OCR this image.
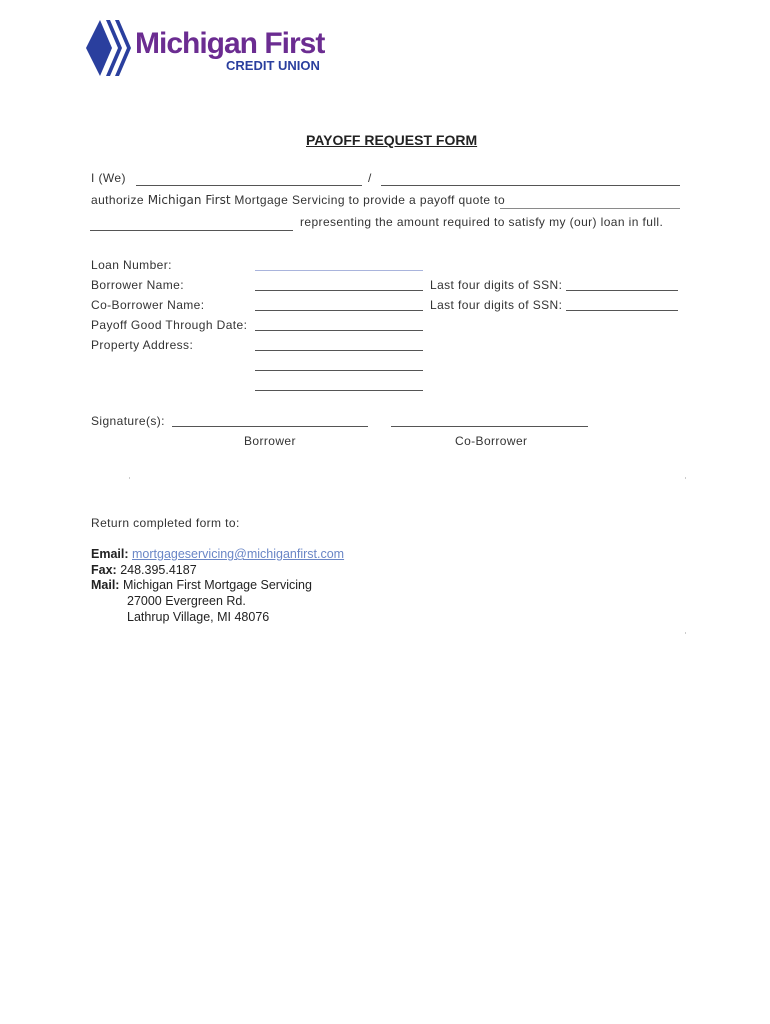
Michigan First
CREDIT UNION
PAYOFF REQUEST FORM
I (We)	/
authorize Michigan First Mortgage Servicing to provide a payoff quote to
representing the amount required to satisfy my (our) loan in full.
Loan Number:
Borrower Name:	Last four digits of SSN:
Co-Borrower Name:	Last four digits of SSN:
Payoff Good Through Date:
Property Address:
Signature(s):
Borrower	Co-Borrower
Return completed form to:
Email: mortgageservicing@michiganfirst.com
Fax: 248.395.4187
Mail: Michigan First Mortgage Servicing
27000 Evergreen Rd.
Lathrup Village, MI 48076
